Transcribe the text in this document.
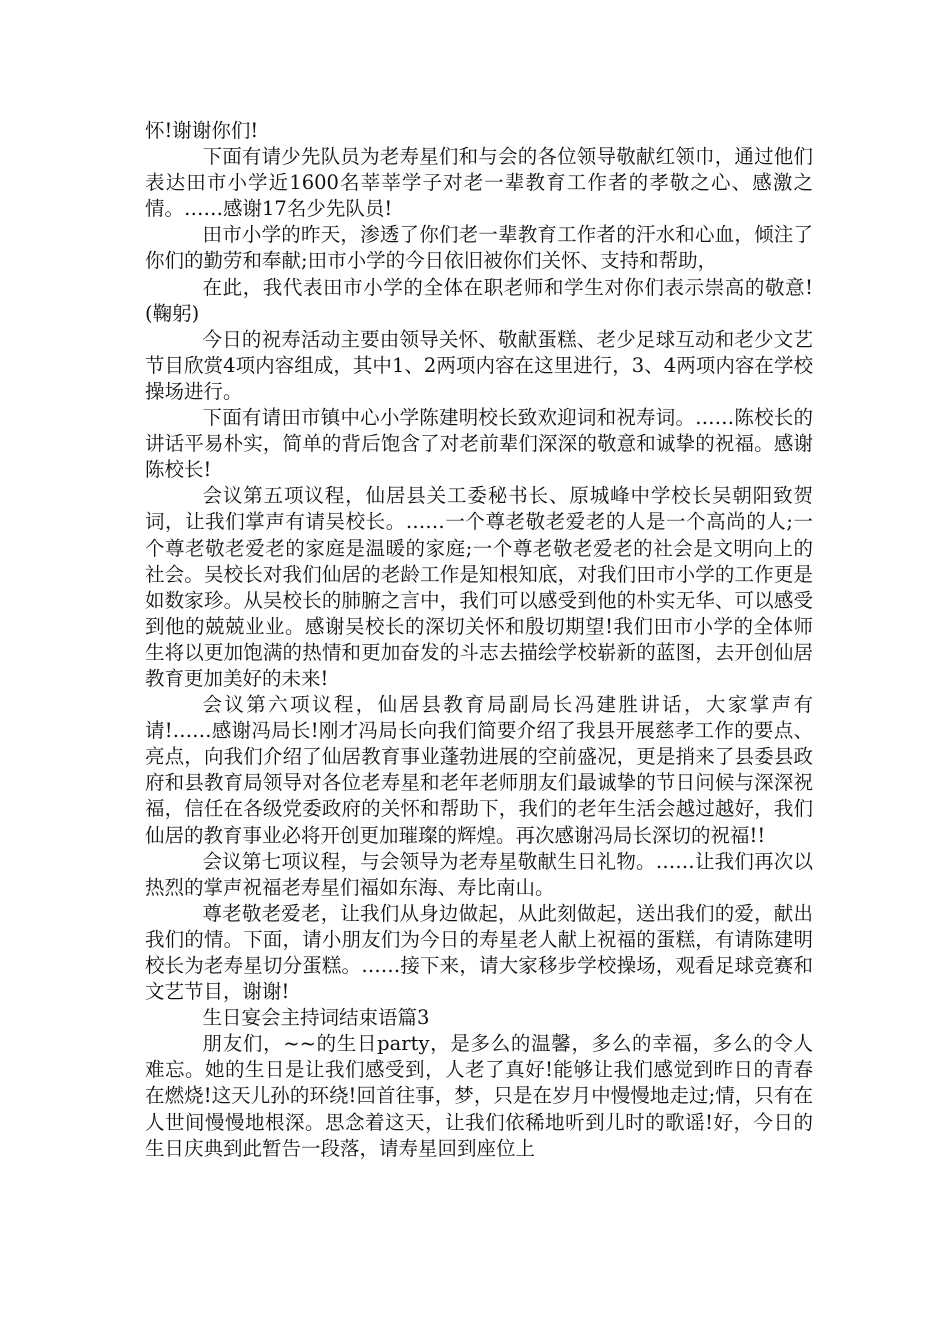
怀!谢谢你们!

下面有请少先队员为老寿星们和与会的各位领导敬献红领巾，通过他们表达田市小学近1600名莘莘学子对老一辈教育工作者的孝敬之心、感激之情。……感谢17名少先队员!

田市小学的昨天，渗透了你们老一辈教育工作者的汗水和心血，倾注了你们的勤劳和奉献;田市小学的今日依旧被你们关怀、支持和帮助，

在此，我代表田市小学的全体在职老师和学生对你们表示崇高的敬意!(鞠躬)

今日的祝寿活动主要由领导关怀、敬献蛋糕、老少足球互动和老少文艺节目欣赏4项内容组成，其中1、2两项内容在这里进行，3、4两项内容在学校操场进行。

下面有请田市镇中心小学陈建明校长致欢迎词和祝寿词。……陈校长的讲话平易朴实，简单的背后饱含了对老前辈们深深的敬意和诚挚的祝福。感谢陈校长!

会议第五项议程，仙居县关工委秘书长、原城峰中学校长吴朝阳致贺词，让我们掌声有请吴校长。……一个尊老敬老爱老的人是一个高尚的人;一个尊老敬老爱老的家庭是温暖的家庭;一个尊老敬老爱老的社会是文明向上的社会。吴校长对我们仙居的老龄工作是知根知底，对我们田市小学的工作更是如数家珍。从吴校长的肺腑之言中，我们可以感受到他的朴实无华、可以感受到他的兢兢业业。感谢吴校长的深切关怀和殷切期望!我们田市小学的全体师生将以更加饱满的热情和更加奋发的斗志去描绘学校崭新的蓝图，去开创仙居教育更加美好的未来!

会议第六项议程，仙居县教育局副局长冯建胜讲话，大家掌声有请!……感谢冯局长!刚才冯局长向我们简要介绍了我县开展慈孝工作的要点、亮点，向我们介绍了仙居教育事业蓬勃进展的空前盛况，更是捎来了县委县政府和县教育局领导对各位老寿星和老年老师朋友们最诚挚的节日问候与深深祝福，信任在各级党委政府的关怀和帮助下，我们的老年生活会越过越好，我们仙居的教育事业必将开创更加璀璨的辉煌。再次感谢冯局长深切的祝福!!

会议第七项议程，与会领导为老寿星敬献生日礼物。……让我们再次以热烈的掌声祝福老寿星们福如东海、寿比南山。

尊老敬老爱老，让我们从身边做起，从此刻做起，送出我们的爱，献出我们的情。下面，请小朋友们为今日的寿星老人献上祝福的蛋糕，有请陈建明校长为老寿星切分蛋糕。……接下来，请大家移步学校操场，观看足球竞赛和文艺节目，谢谢!

生日宴会主持词结束语篇3

朋友们，~~的生日party，是多么的温馨，多么的幸福，多么的令人难忘。她的生日是让我们感受到，人老了真好!能够让我们感觉到昨日的青春在燃烧!这天儿孙的环绕!回首往事，梦，只是在岁月中慢慢地走过;情，只有在人世间慢慢地根深。思念着这天，让我们依稀地听到儿时的歌谣!好，今日的生日庆典到此暂告一段落，请寿星回到座位上
